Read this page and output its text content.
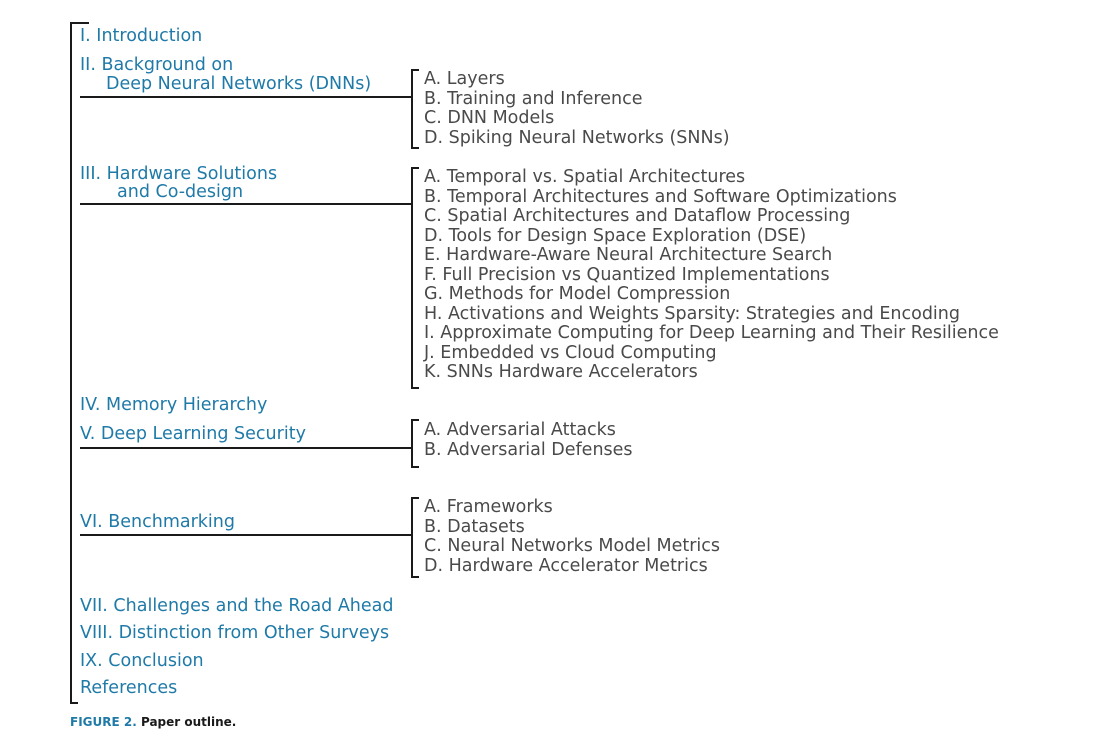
I. Introduction
II. Background on
Deep Neural Networks (DNNs)	A. Layers
B. Training and Inference
C. DNN Models
D. Spiking Neural Networks (SNNs)
III. Hardware Solutions
and Co-design
A. Temporal vs. Spatial Architectures
B. Temporal Architectures and Software Optimizations
C. Spatial Architectures and Dataflow Processing
D. Tools for Design Space Exploration (DSE)
E. Hardware-Aware Neural Architecture Search
F. Full Precision vs Quantized Implementations
G. Methods for Model Compression
H. Activations and Weights Sparsity: Strategies and Encoding
I. Approximate Computing for Deep Learning and Their Resilience
J. Embedded vs Cloud Computing
K. SNNs Hardware Accelerators
IV. Memory Hierarchy
V. Deep Learning Security	A. Adversarial Attacks
B. Adversarial Defenses
VI. Benchmarking
A. Frameworks
B. Datasets
C. Neural Networks Model Metrics
D. Hardware Accelerator Metrics
VII. Challenges and the Road Ahead
VIII. Distinction from Other Surveys
IX. Conclusion
References
FIGURE 2. Paper outline.
